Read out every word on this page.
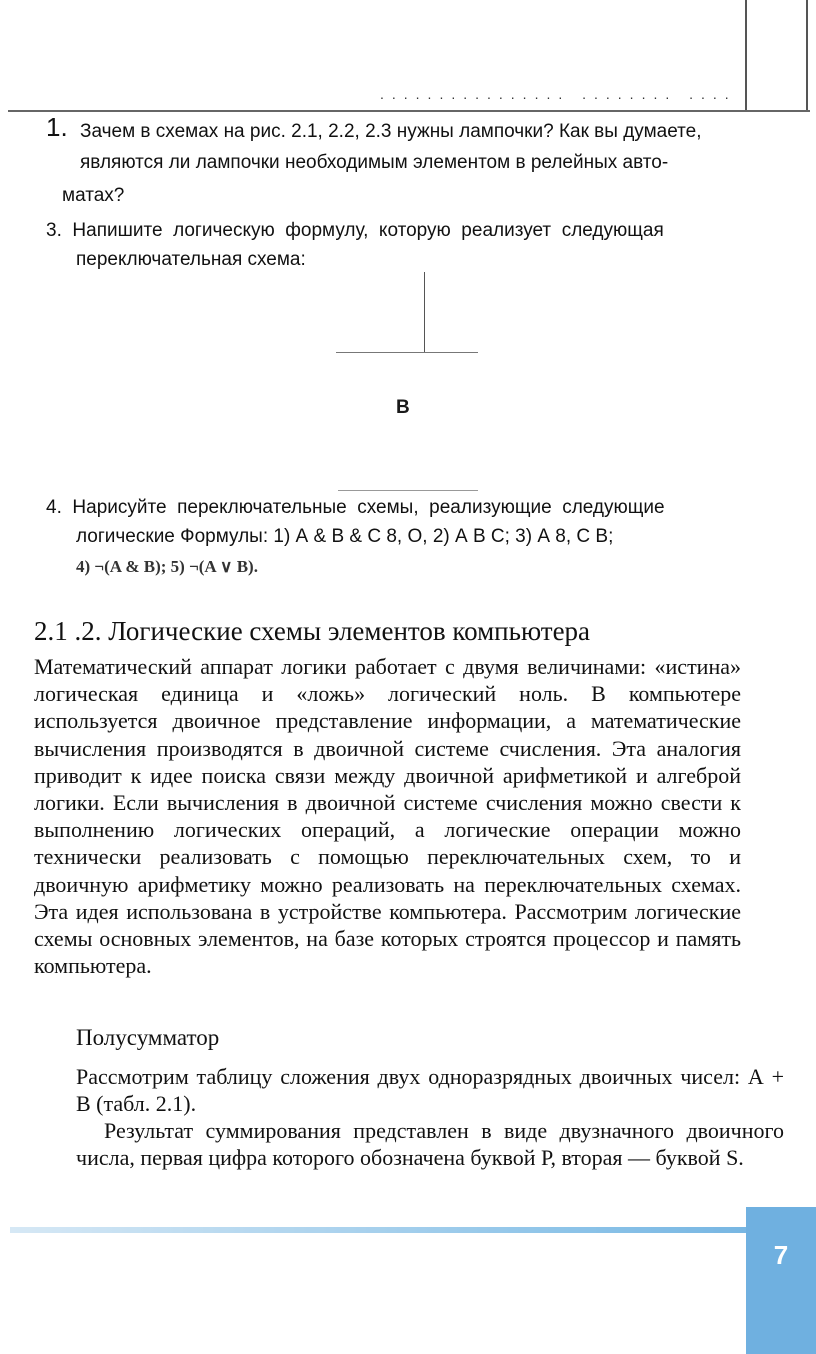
................ ........ ....
1. Зачем в схемах на рис. 2.1, 2.2, 2.3 нужны лампочки? Как вы думаете,
являются ли лампочки необходимым элементом в релейных авто-
матах?
3.  Напишите  логическую  формулу,  которую  реализует  следующая
переключательная схема:
В
4.  Нарисуйте  переключательные  схемы,  реализующие  следующие
логические Формулы: 1) А & В & С 8, О, 2) А В С; 3) А 8, С В;
4) ¬(A & B); 5) ¬(A ∨ B).
2.1 .2. Логические схемы элементов компьютера
Математический аппарат логики работает с двумя величинами: «истина» логическая единица и «ложь» логический ноль. В компьютере используется двоичное представление информации, а математические вычисления производятся в двоичной системе счисления. Эта аналогия приводит к идее поиска связи между двоичной арифметикой и алгеброй логики. Если вычисления в двоичной системе счисления можно свести к выполнению логических операций, а логические операции можно технически реализовать с помощью переключательных схем, то и двоичную арифметику можно реализовать на переключательных схемах. Эта идея использована в устройстве компьютера. Рассмотрим логические схемы основных элементов, на базе которых строятся процессор и память компьютера.
Полусумматор
Рассмотрим таблицу сложения двух одноразрядных двоичных чисел: А + В (табл. 2.1).
Результат суммирования представлен в виде двузначного двоичного числа, первая цифра которого обозначена буквой Р, вторая — буквой S.
7
